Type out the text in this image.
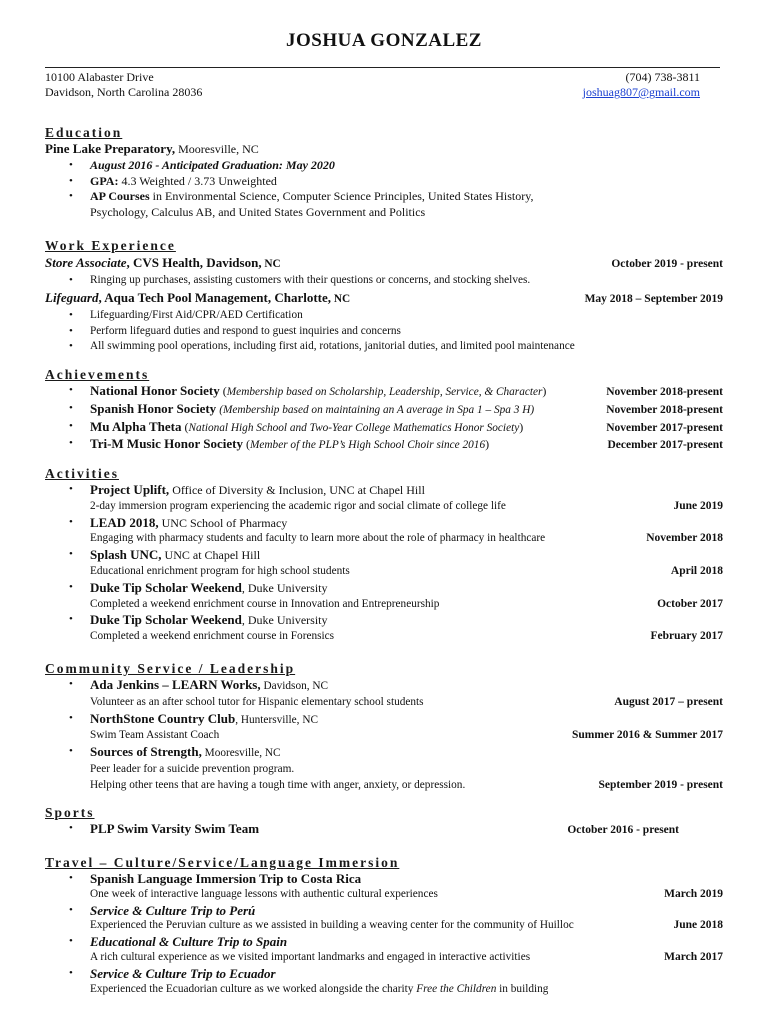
JOSHUA GONZALEZ
10100 Alabaster Drive
Davidson, North Carolina 28036
(704) 738-3811
joshuag807@gmail.com
Education
Pine Lake Preparatory, Mooresville, NC
• August 2016 - Anticipated Graduation: May 2020
• GPA: 4.3 Weighted / 3.73 Unweighted
• AP Courses in Environmental Science, Computer Science Principles, United States History,
Psychology, Calculus AB, and United States Government and Politics
Work Experience
Store Associate, CVS Health, Davidson, NC	October 2019 - present
• Ringing up purchases, assisting customers with their questions or concerns, and stocking shelves.
Lifeguard, Aqua Tech Pool Management, Charlotte, NC	May 2018 – September 2019
• Lifeguarding/First Aid/CPR/AED Certification
• Perform lifeguard duties and respond to guest inquiries and concerns
• All swimming pool operations, including first aid, rotations, janitorial duties, and limited pool maintenance
Achievements
• National Honor Society (Membership based on Scholarship, Leadership, Service, & Character)	November 2018-present
• Spanish Honor Society (Membership based on maintaining an A average in Spa 1 – Spa 3 H)	November 2018-present
• Mu Alpha Theta (National High School and Two-Year College Mathematics Honor Society)	November 2017-present
• Tri-M Music Honor Society (Member of the PLP’s High School Choir since 2016)	December 2017-present
Activities
• Project Uplift, Office of Diversity & Inclusion, UNC at Chapel Hill
2-day immersion program experiencing the academic rigor and social climate of college life	June 2019
• LEAD 2018, UNC School of Pharmacy
Engaging with pharmacy students and faculty to learn more about the role of pharmacy in healthcare	November 2018
• Splash UNC, UNC at Chapel Hill
Educational enrichment program for high school students	April 2018
• Duke Tip Scholar Weekend, Duke University
Completed a weekend enrichment course in Innovation and Entrepreneurship	October 2017
• Duke Tip Scholar Weekend, Duke University
Completed a weekend enrichment course in Forensics	February 2017
Community Service / Leadership
• Ada Jenkins – LEARN Works, Davidson, NC
Volunteer as an after school tutor for Hispanic elementary school students	August 2017 – present
• NorthStone Country Club, Huntersville, NC
Swim Team Assistant Coach	Summer 2016 & Summer 2017
• Sources of Strength, Mooresville, NC
Peer leader for a suicide prevention program.
Helping other teens that are having a tough time with anger, anxiety, or depression.	September 2019 - present
Sports
• PLP Swim Varsity Swim Team	October 2016 - present
Travel – Culture/Service/Language Immersion
• Spanish Language Immersion Trip to Costa Rica
One week of interactive language lessons with authentic cultural experiences	March 2019
• Service & Culture Trip to Perú
Experienced the Peruvian culture as we assisted in building a weaving center for the community of Huilloc	June 2018
• Educational & Culture Trip to Spain
A rich cultural experience as we visited important landmarks and engaged in interactive activities	March 2017
• Service & Culture Trip to Ecuador
Experienced the Ecuadorian culture as we worked alongside the charity Free the Children in building
